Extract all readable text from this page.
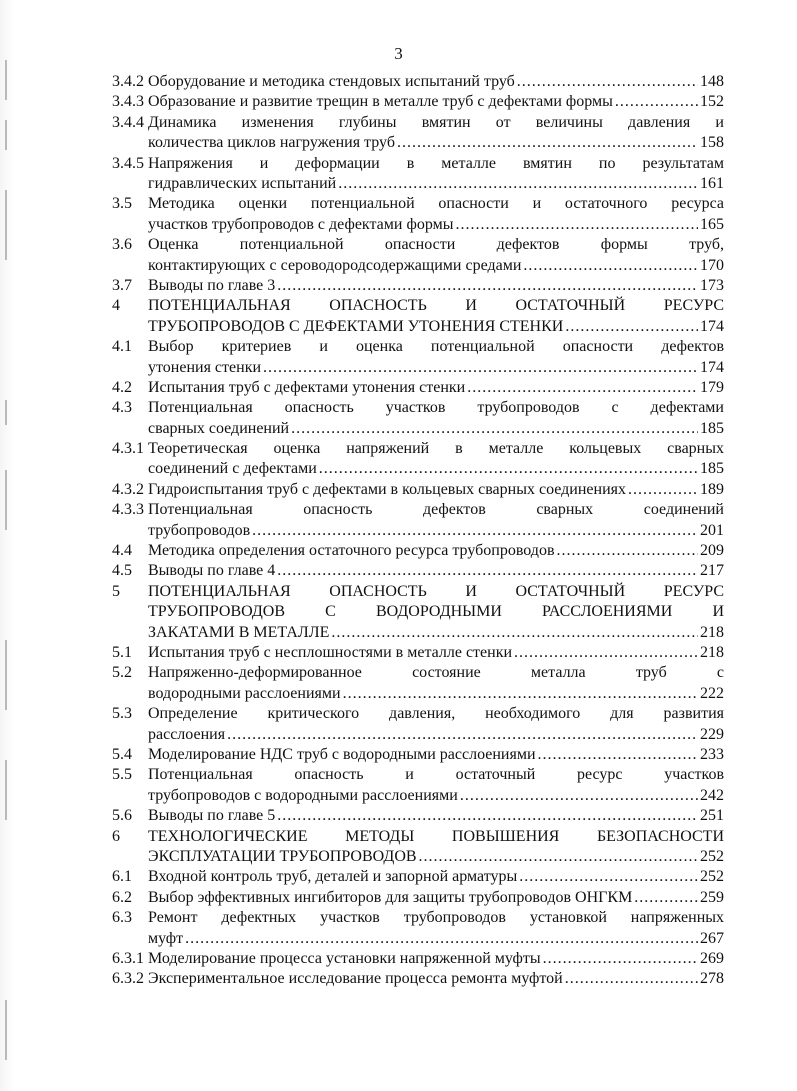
3
3.4.2 Оборудование и методика стендовых испытаний труб .....	148
3.4.3 Образование и развитие трещин в металле труб с дефектами формы .....	152
3.4.4 Динамика изменения глубины вмятин от величины давления и
количества циклов нагружения труб .....	158
3.4.5 Напряжения и деформации в металле вмятин по результатам
гидравлических испытаний .....	161
3.5	Методика оценки потенциальной опасности и остаточного ресурса
участков трубопроводов с дефектами формы .....	165
3.6	Оценка потенциальной опасности дефектов формы труб,
контактирующих с сероводородсодержащими средами .....	170
3.7	Выводы по главе 3 .....	173
4	ПОТЕНЦИАЛЬНАЯ ОПАСНОСТЬ И ОСТАТОЧНЫЙ РЕСУРС
ТРУБОПРОВОДОВ С ДЕФЕКТАМИ УТОНЕНИЯ СТЕНКИ .....	174
4.1	Выбор критериев и оценка потенциальной опасности дефектов
утонения стенки .....	174
4.2	Испытания труб с дефектами утонения стенки .....	179
4.3	Потенциальная опасность участков трубопроводов с дефектами
сварных соединений .....	185
4.3.1 Теоретическая оценка напряжений в металле кольцевых сварных
соединений с дефектами .....	185
4.3.2 Гидроиспытания труб с дефектами в кольцевых сварных соединениях .....	189
4.3.3 Потенциальная опасность дефектов сварных соединений
трубопроводов .....	201
4.4	Методика определения остаточного ресурса трубопроводов .....	209
4.5	Выводы по главе 4 .....	217
5	ПОТЕНЦИАЛЬНАЯ ОПАСНОСТЬ И ОСТАТОЧНЫЙ РЕСУРС
ТРУБОПРОВОДОВ С ВОДОРОДНЫМИ РАССЛОЕНИЯМИ И
ЗАКАТАМИ В МЕТАЛЛЕ .....	218
5.1	Испытания труб с несплошностями в металле стенки .....	218
5.2	Напряженно-деформированное состояние металла труб с
водородными расслоениями .....	222
5.3	Определение критического давления, необходимого для развития
расслоения .....	229
5.4	Моделирование НДС труб с водородными расслоениями .....	233
5.5	Потенциальная опасность и остаточный ресурс участков
трубопроводов с водородными расслоениями .....	242
5.6	Выводы по главе 5 .....	251
6	ТЕХНОЛОГИЧЕСКИЕ МЕТОДЫ ПОВЫШЕНИЯ БЕЗОПАСНОСТИ
ЭКСПЛУАТАЦИИ ТРУБОПРОВОДОВ .....	252
6.1	Входной контроль труб, деталей и запорной арматуры .....	252
6.2	Выбор эффективных ингибиторов для защиты трубопроводов ОНГКМ .....	259
6.3	Ремонт дефектных участков трубопроводов установкой напряженных
муфт .....	267
6.3.1 Моделирование процесса установки напряженной муфты .....	269
6.3.2 Экспериментальное исследование процесса ремонта муфтой .....	278
